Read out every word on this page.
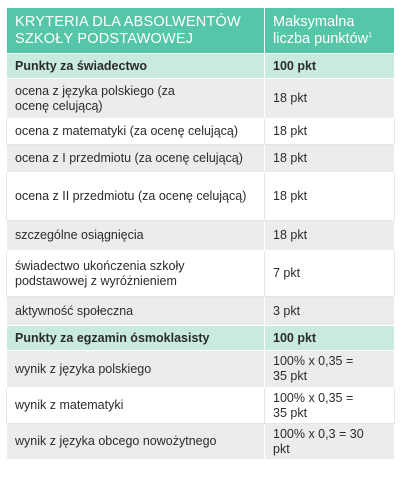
KRYTERIA DLA ABSOLWENTÓW SZKOŁY PODSTAWOWEJ	Maksymalna liczba punktów$^1$
Punkty za świadectwo	100 pkt
ocena z języka polskiego (za ocenę celującą)	18 pkt
ocena z matematyki (za ocenę celującą)	18 pkt
ocena z I przedmiotu (za ocenę celującą)	18 pkt
ocena z II przedmiotu (za ocenę celującą)	18 pkt
szczególne osiągnięcia	18 pkt
świadectwo ukończenia szkoły podstawowej z wyróżnieniem	7 pkt
aktywność społeczna	3 pkt
Punkty za egzamin ósmoklasisty	100 pkt
wynik z języka polskiego	100% x 0,35 = 35 pkt
wynik z matematyki	100% x 0,35 = 35 pkt
wynik z języka obcego nowożytnego	100% x 0,3 = 30 pkt
